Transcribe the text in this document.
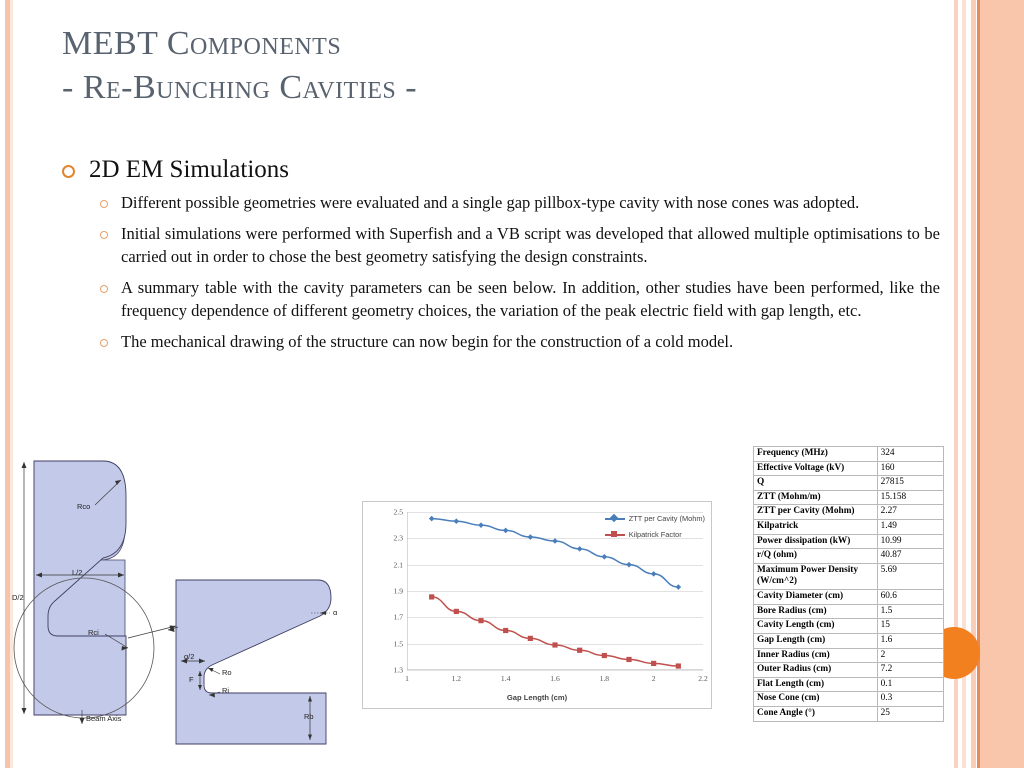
MEBT Components
- Re-Bunching Cavities -
2D EM Simulations
Different possible geometries were evaluated and a single gap pillbox-type cavity with nose cones was adopted.
Initial simulations were performed with Superfish and a VB script was developed that allowed multiple optimisations to be carried out in order to chose the best geometry satisfying the design constraints.
A summary table with the cavity parameters can be seen below. In addition, other studies have been performed, like the frequency dependence of different geometry choices, the variation of the peak electric field with gap length, etc.
The mechanical drawing of the structure can now begin for the construction of a cold model.
Rco
L/2
D/2
Rci
Beam Axis
g/2
Ro
Ri
F
Rb
α
1.3
1.5
1.7
1.9
2.1
2.3
2.5
1	1.2	1.4	1.6	1.8	2	2.2
Gap Length (cm)
ZTT per Cavity (Mohm)
Kilpatrick Factor
Frequency (MHz)	324
Effective Voltage (kV)	160
Q	27815
ZTT (Mohm/m)	15.158
ZTT per Cavity (Mohm)	2.27
Kilpatrick	1.49
Power dissipation (kW)	10.99
r/Q (ohm)	40.87
Maximum Power Density (W/cm^2)	5.69
Cavity Diameter (cm)	60.6
Bore Radius (cm)	1.5
Cavity Length (cm)	15
Gap Length (cm)	1.6
Inner Radius (cm)	2
Outer Radius (cm)	7.2
Flat Length (cm)	0.1
Nose Cone (cm)	0.3
Cone Angle (°)	25
